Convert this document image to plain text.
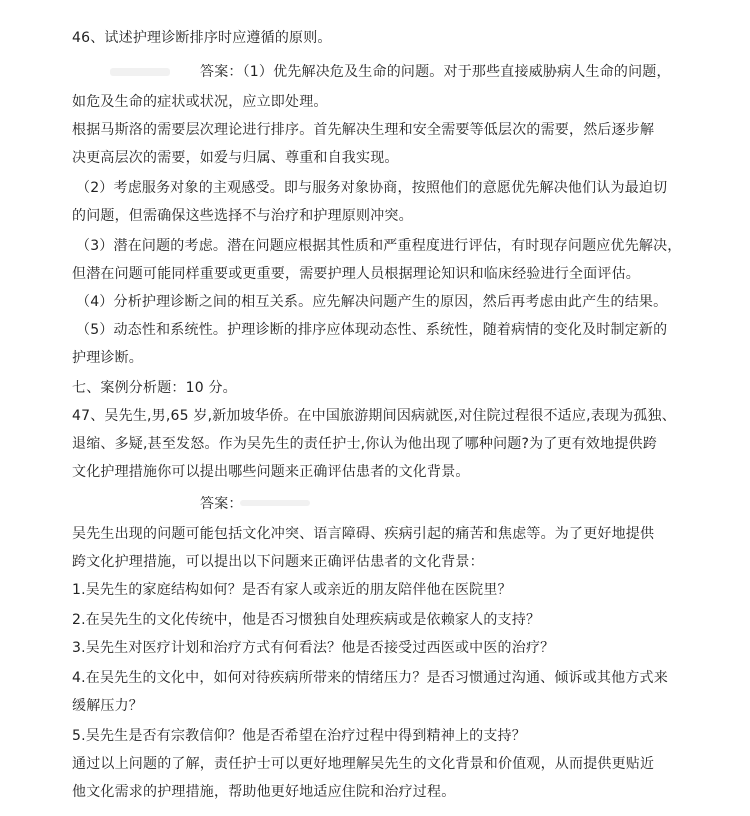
46、试述护理诊断排序时应遵循的原则。
答案：（1）优先解决危及生命的问题。对于那些直接威胁病人生命的问题，
如危及生命的症状或状况，应立即处理。
根据马斯洛的需要层次理论进行排序。首先解决生理和安全需要等低层次的需要，然后逐步解
决更高层次的需要，如爱与归属、尊重和自我实现。
（2）考虑服务对象的主观感受。即与服务对象协商，按照他们的意愿优先解决他们认为最迫切
的问题，但需确保这些选择不与治疗和护理原则冲突。
（3）潜在问题的考虑。潜在问题应根据其性质和严重程度进行评估，有时现存问题应优先解决，
但潜在问题可能同样重要或更重要，需要护理人员根据理论知识和临床经验进行全面评估。
（4）分析护理诊断之间的相互关系。应先解决问题产生的原因，然后再考虑由此产生的结果。
（5）动态性和系统性。护理诊断的排序应体现动态性、系统性，随着病情的变化及时制定新的
护理诊断。
七、案例分析题：10 分。
47、吴先生,男,65 岁,新加坡华侨。在中国旅游期间因病就医,对住院过程很不适应,表现为孤独、
退缩、多疑,甚至发怒。作为吴先生的责任护士,你认为他出现了哪种问题?为了更有效地提供跨
文化护理措施你可以提出哪些问题来正确评估患者的文化背景。
答案：
吴先生出现的问题可能包括文化冲突、语言障碍、疾病引起的痛苦和焦虑等。为了更好地提供
跨文化护理措施，可以提出以下问题来正确评估患者的文化背景：
1.吴先生的家庭结构如何？是否有家人或亲近的朋友陪伴他在医院里？
2.在吴先生的文化传统中，他是否习惯独自处理疾病或是依赖家人的支持？
3.吴先生对医疗计划和治疗方式有何看法？他是否接受过西医或中医的治疗？
4.在吴先生的文化中，如何对待疾病所带来的情绪压力？是否习惯通过沟通、倾诉或其他方式来
缓解压力？
5.吴先生是否有宗教信仰？他是否希望在治疗过程中得到精神上的支持？
通过以上问题的了解，责任护士可以更好地理解吴先生的文化背景和价值观，从而提供更贴近
他文化需求的护理措施，帮助他更好地适应住院和治疗过程。
